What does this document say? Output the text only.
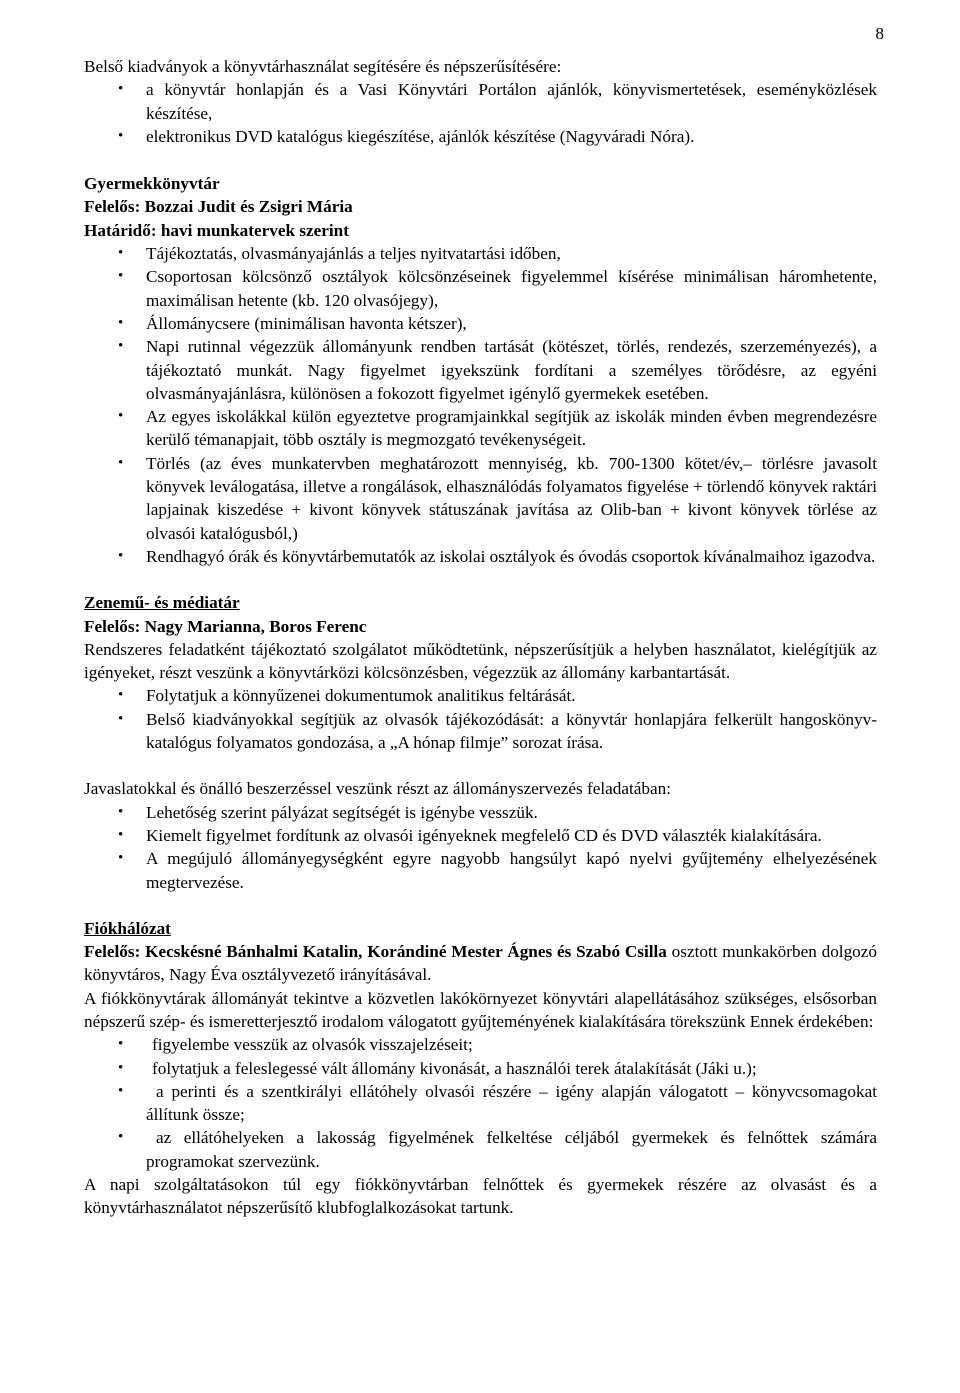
8

Belső kiadványok a könyvtárhasználat segítésére és népszerűsítésére:

• a könyvtár honlapján és a Vasi Könyvtári Portálon ajánlók, könyvismertetések, eseményközlések készítése,
• elektronikus DVD katalógus kiegészítése, ajánlók készítése (Nagyváradi Nóra).

Gyermekkönyvtár

Felelős: Bozzai Judit és Zsigri Mária

Határidő: havi munkatervek szerint

• Tájékoztatás, olvasmányajánlás a teljes nyitvatartási időben,
• Csoportosan kölcsönző osztályok kölcsönzéseinek figyelemmel kísérése minimálisan háromhetente, maximálisan hetente (kb. 120 olvasójegy),
• Állománycsere (minimálisan havonta kétszer),
• Napi rutinnal végezzük állományunk rendben tartását (kötészet, törlés, rendezés, szerzeményezés), a tájékoztató munkát. Nagy figyelmet igyekszünk fordítani a személyes törődésre, az egyéni olvasmányajánlásra, különösen a fokozott figyelmet igénylő gyermekek esetében.
• Az egyes iskolákkal külön egyeztetve programjainkkal segítjük az iskolák minden évben megrendezésre kerülő témanapjait, több osztály is megmozgató tevékenységeit.
• Törlés (az éves munkatervben meghatározott mennyiség, kb. 700-1300 kötet/év,– törlésre javasolt könyvek leválogatása, illetve a rongálások, elhasználódás folyamatos figyelése + törlendő könyvek raktári lapjainak kiszedése + kivont könyvek státuszának javítása az Olib-ban + kivont könyvek törlése az olvasói katalógusból,)
• Rendhagyó órák és könyvtárbemutatók az iskolai osztályok és óvodás csoportok kívánalmaihoz igazodva.

Zenemű- és médiatár

Felelős: Nagy Marianna, Boros Ferenc

Rendszeres feladatként tájékoztató szolgálatot működtetünk, népszerűsítjük a helyben használatot, kielégítjük az igényeket, részt veszünk a könyvtárközi kölcsönzésben, végezzük az állomány karbantartását.

• Folytatjuk a könnyűzenei dokumentumok analitikus feltárását.
• Belső kiadványokkal segítjük az olvasók tájékozódását: a könyvtár honlapjára felkerült hangoskönyv-katalógus folyamatos gondozása, a „A hónap filmje” sorozat írása.

Javaslatokkal és önálló beszerzéssel veszünk részt az állományszervezés feladatában:

• Lehetőség szerint pályázat segítségét is igénybe vesszük.
• Kiemelt figyelmet fordítunk az olvasói igényeknek megfelelő CD és DVD választék kialakítására.
• A megújuló állományegységként egyre nagyobb hangsúlyt kapó nyelvi gyűjtemény elhelyezésének megtervezése.

Fiókhálózat

Felelős: Kecskésné Bánhalmi Katalin, Korándiné Mester Ágnes és Szabó Csilla osztott munkakörben dolgozó könyvtáros, Nagy Éva osztályvezető irányításával.

A fiókkönyvtárak állományát tekintve a közvetlen lakókörnyezet könyvtári alapellátásához szükséges, elsősorban népszerű szép- és ismeretterjesztő irodalom válogatott gyűjteményének kialakítására törekszünk Ennek érdekében:

• figyelembe vesszük az olvasók visszajelzéseit;
• folytatjuk a feleslegessé vált állomány kivonását, a használói terek átalakítását (Jáki u.);
• a perinti és a szentkirályi ellátóhely olvasói részére – igény alapján válogatott – könyvcsomagokat állítunk össze;
• az ellátóhelyeken a lakosság figyelmének felkeltése céljából gyermekek és felnőttek számára programokat szervezünk.

A napi szolgáltatásokon túl egy fiókkönyvtárban felnőttek és gyermekek részére az olvasást és a könyvtárhasználatot népszerűsítő klubfoglalkozásokat tartunk.
